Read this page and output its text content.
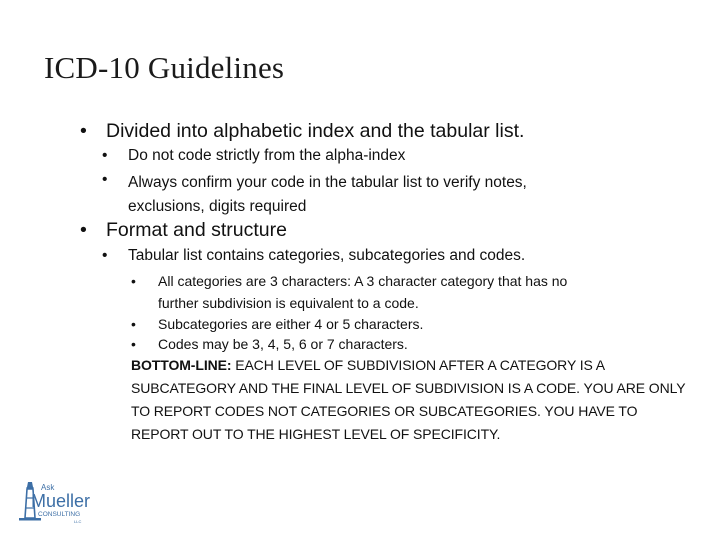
ICD-10 Guidelines
• Divided into alphabetic index and the tabular list.
•	Do not code strictly from the alpha-index
•	Always confirm your code in the tabular list to verify notes,
exclusions, digits required
• Format and structure
•	Tabular list contains categories, subcategories and codes.
•	All categories are 3 characters: A 3 character category that has no
further subdivision is equivalent to a code.
•	Subcategories are either 4 or 5 characters.
•	Codes may be 3, 4, 5, 6 or 7 characters.
BOTTOM-LINE: EACH LEVEL OF SUBDIVISION AFTER A CATEGORY IS A SUBCATEGORY AND THE FINAL LEVEL OF SUBDIVISION IS A CODE. YOU ARE ONLY TO REPORT CODES NOT CATEGORIES OR SUBCATEGORIES. YOU HAVE TO REPORT OUT TO THE HIGHEST LEVEL OF SPECIFICITY.
Ask
Mueller
CONSULTING
LLC
